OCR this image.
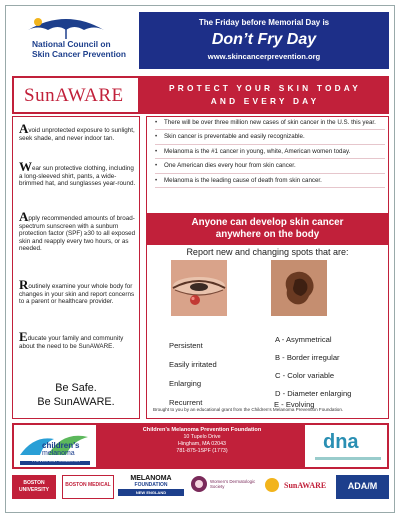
National Council on
Skin Cancer Prevention
The Friday before Memorial Day is
Don’t Fry Day
www.skincancerprevention.org
SunAWARE	PROTECT YOUR SKIN TODAY
AND EVERY DAY
Avoid unprotected exposure to sunlight, seek shade, and never indoor tan.
Wear sun protective clothing, including a long-sleeved shirt, pants, a wide-brimmed hat, and sunglasses year-round.
Apply recommended amounts of broad-spectrum sunscreen with a sunburn protection factor (SPF) ≥30 to all exposed skin and reapply every two hours, or as needed.
Routinely examine your whole body for changes in your skin and report concerns to a parent or healthcare provider.
Educate your family and community about the need to be SunAWARE.
Be Safe.
Be SunAWARE.
• There will be over three million new cases of skin cancer in the U.S. this year.
• Skin cancer is preventable and easily recognizable.
• Melanoma is the #1 cancer in young, white, American women today.
• One American dies every hour from skin cancer.
• Melanoma is the leading cause of death from skin cancer.
Anyone can develop skin cancer
anywhere on the body
Report new and changing spots that are:
Persistent
Easily irritated
Enlarging
Recurrent
A - Asymmetrical
B - Border irregular
C - Color variable
D - Diameter enlarging
Brought to you by an educational grant from the Children’s Melanoma Prevention Foundation.
E - Evolving
children’s
melanoma
PREVENTION FOUNDATION
Children’s Melanoma Prevention Foundation
10 Tupelo Drive
Hingham, MA 02043
781-875-1SPF (1773)	dna
BOSTON UNIVERSITY
BOSTON MEDICAL
MELANOMA
FOUNDATION
NEW ENGLAND
Women’s Dermatologic Society	SunAWARE	ADA/M
